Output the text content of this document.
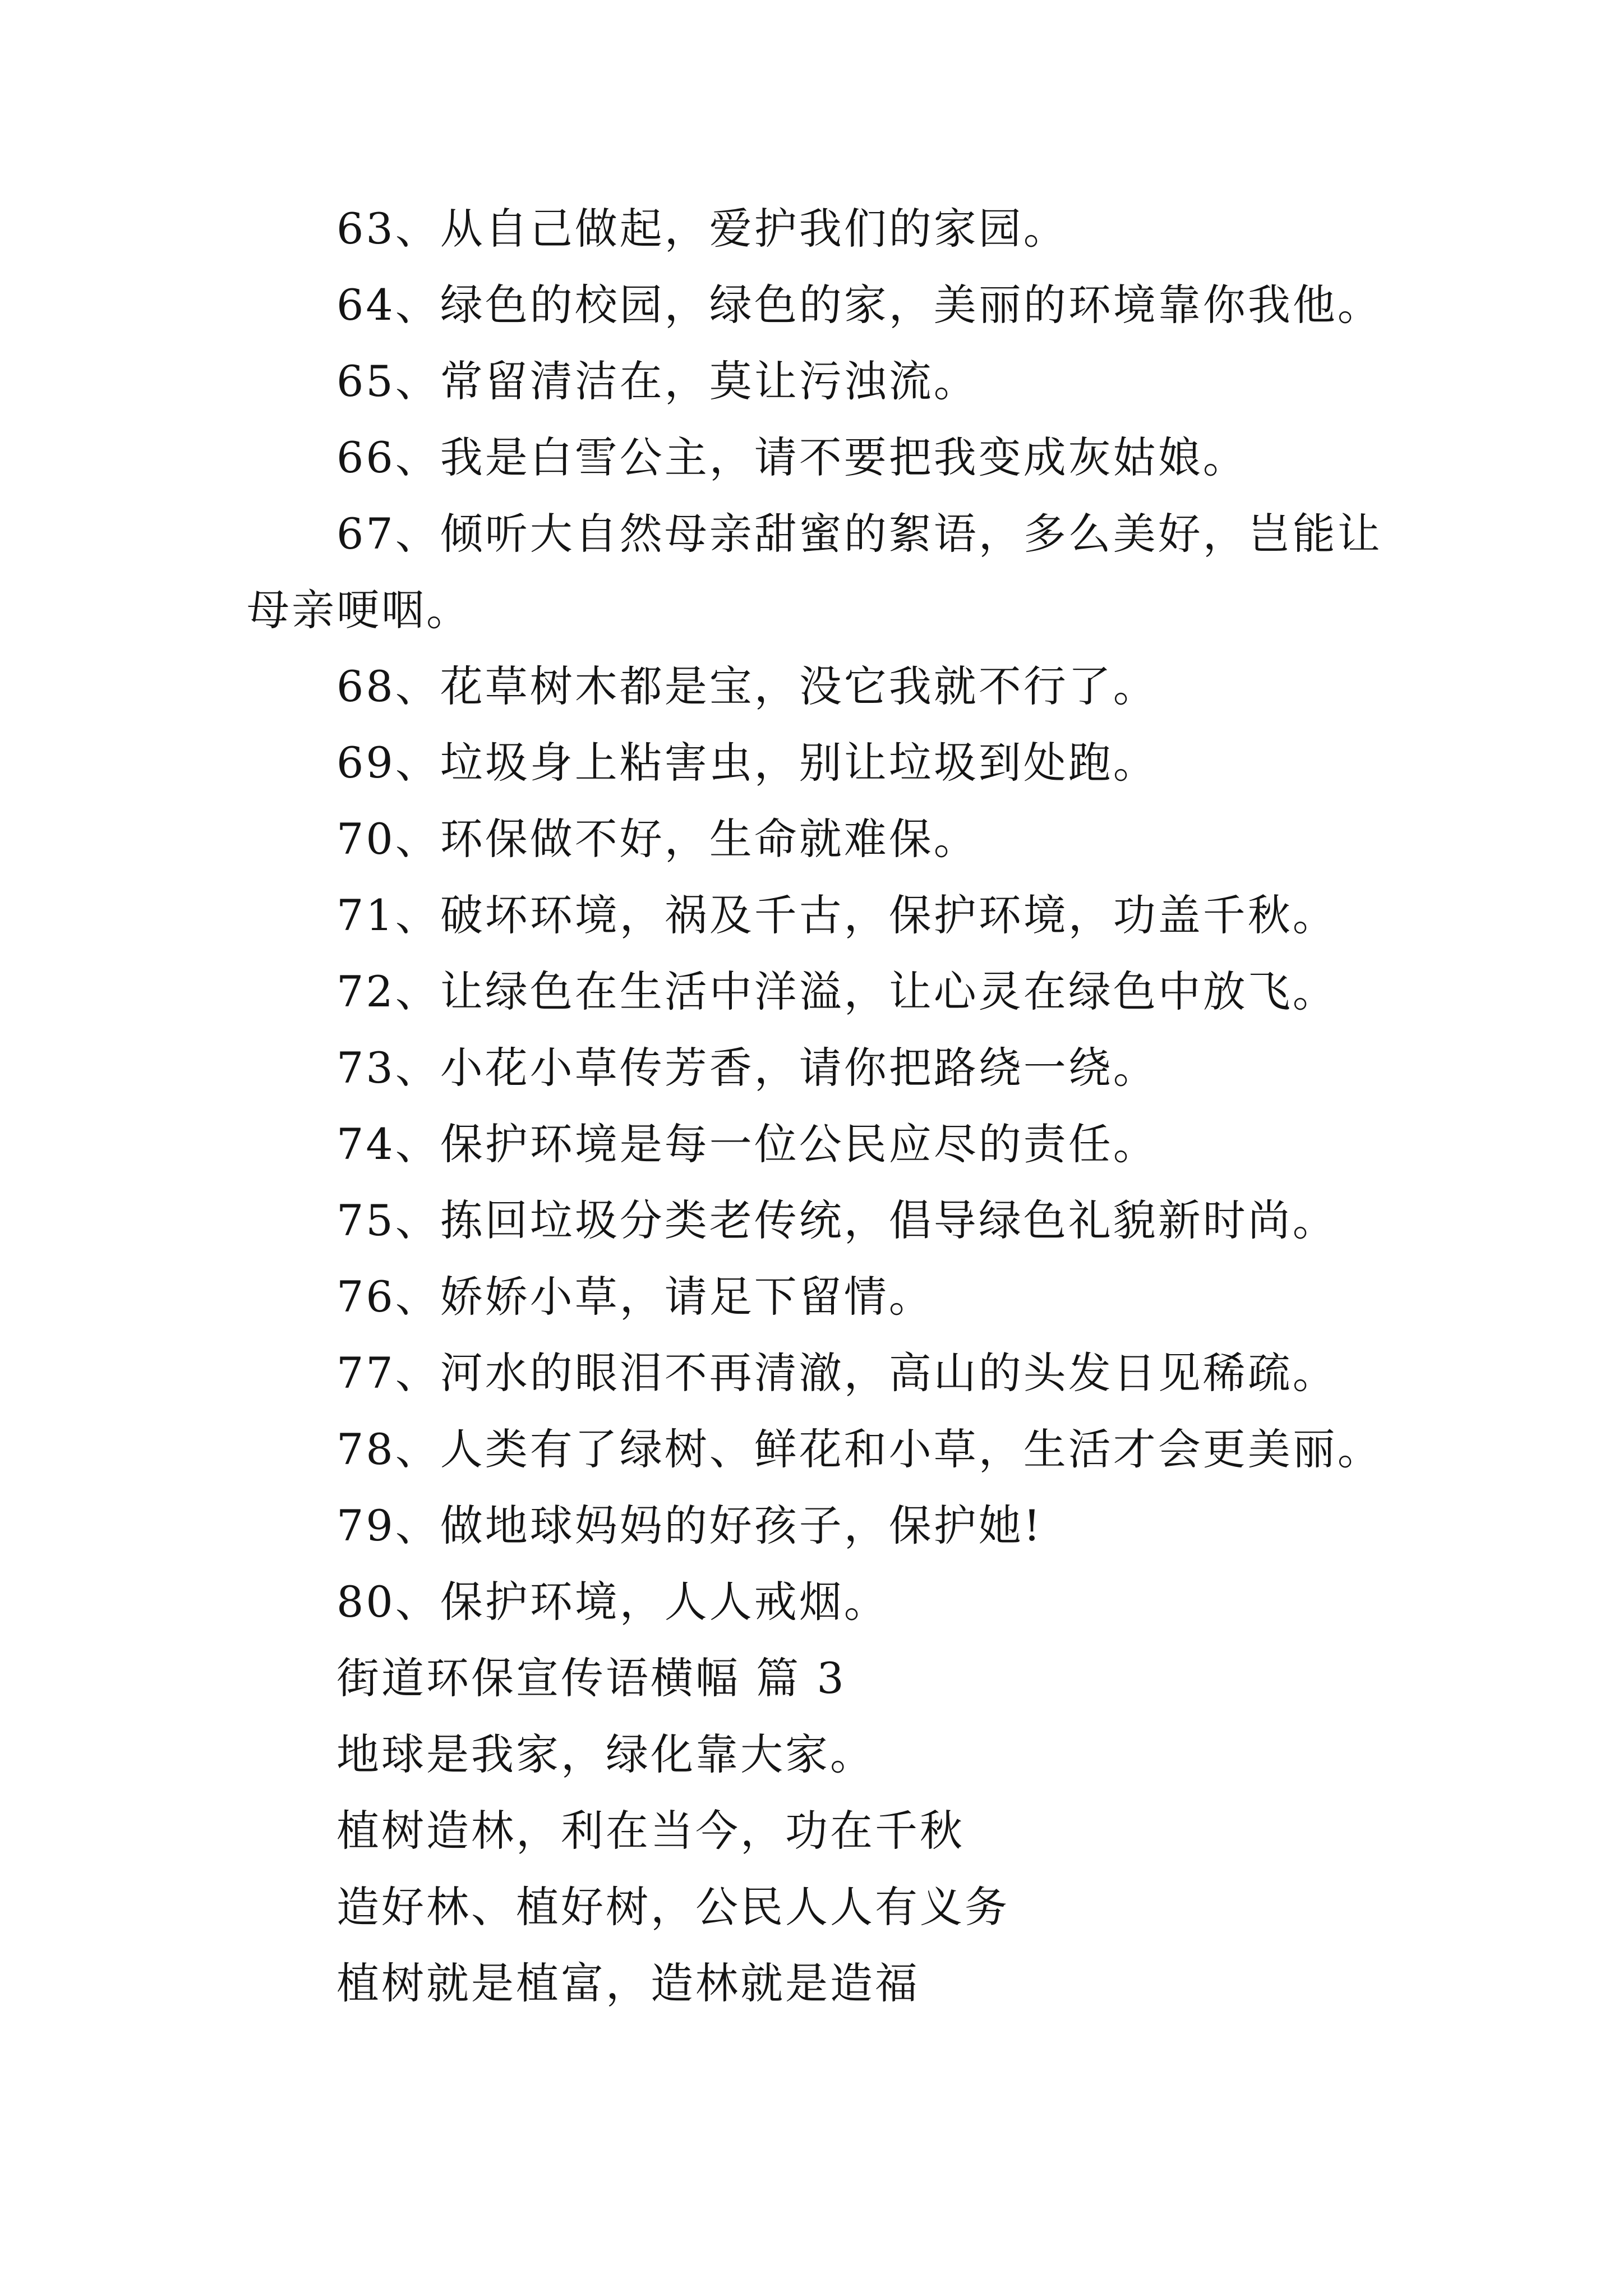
63、从自己做起，爱护我们的家园。

64、绿色的校园，绿色的家，美丽的环境靠你我他。

65、常留清洁在，莫让污浊流。

66、我是白雪公主，请不要把我变成灰姑娘。

67、倾听大自然母亲甜蜜的絮语，多么美好，岂能让母亲哽咽。

68、花草树木都是宝，没它我就不行了。

69、垃圾身上粘害虫，别让垃圾到处跑。

70、环保做不好，生命就难保。

71、破坏环境，祸及千古，保护环境，功盖千秋。

72、让绿色在生活中洋溢，让心灵在绿色中放飞。

73、小花小草传芳香，请你把路绕一绕。

74、保护环境是每一位公民应尽的责任。

75、拣回垃圾分类老传统，倡导绿色礼貌新时尚。

76、娇娇小草，请足下留情。

77、河水的眼泪不再清澈，高山的头发日见稀疏。

78、人类有了绿树、鲜花和小草，生活才会更美丽。

79、做地球妈妈的好孩子，保护她!

80、保护环境，人人戒烟。

街道环保宣传语横幅 篇 3

地球是我家，绿化靠大家。

植树造林，利在当今，功在千秋

造好林、植好树，公民人人有义务

植树就是植富，造林就是造福
